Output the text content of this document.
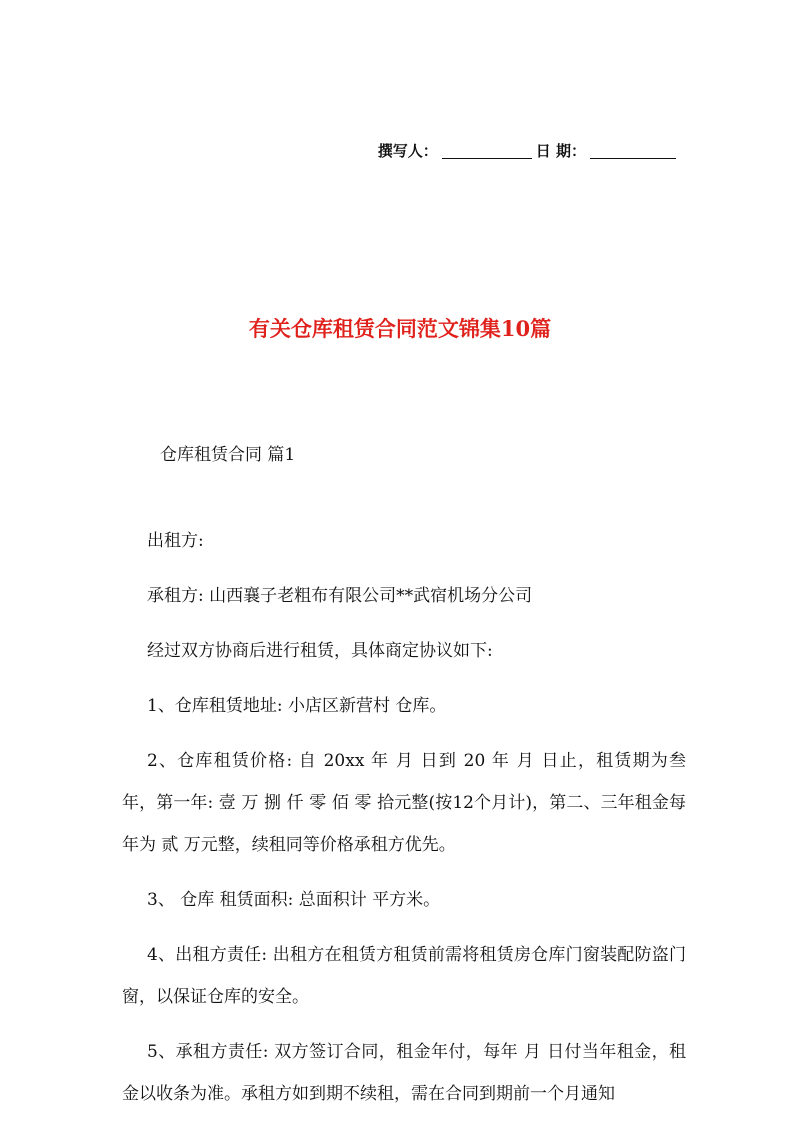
撰写人：	日 期：
有关仓库租赁合同范文锦集10篇
仓库租赁合同 篇1

出租方:

承租方: 山西襄子老粗布有限公司**武宿机场分公司

经过双方协商后进行租赁，具体商定协议如下:

1、仓库租赁地址: 小店区新营村 仓库。

2、仓库租赁价格: 自 20xx 年 月 日到 20 年 月 日止，租赁期为叁 年，第一年: 壹 万 捌 仟 零 佰 零 拾元整(按12个月计)，第二、三年租金每年为 贰 万元整，续租同等价格承租方优先。

3、 仓库 租赁面积: 总面积计 平方米。

4、出租方责任: 出租方在租赁方租赁前需将租赁房仓库门窗装配防盗门窗，以保证仓库的安全。

5、承租方责任: 双方签订合同，租金年付，每年 月 日付当年租金，租金以收条为准。承租方如到期不续租，需在合同到期前一个月通知
